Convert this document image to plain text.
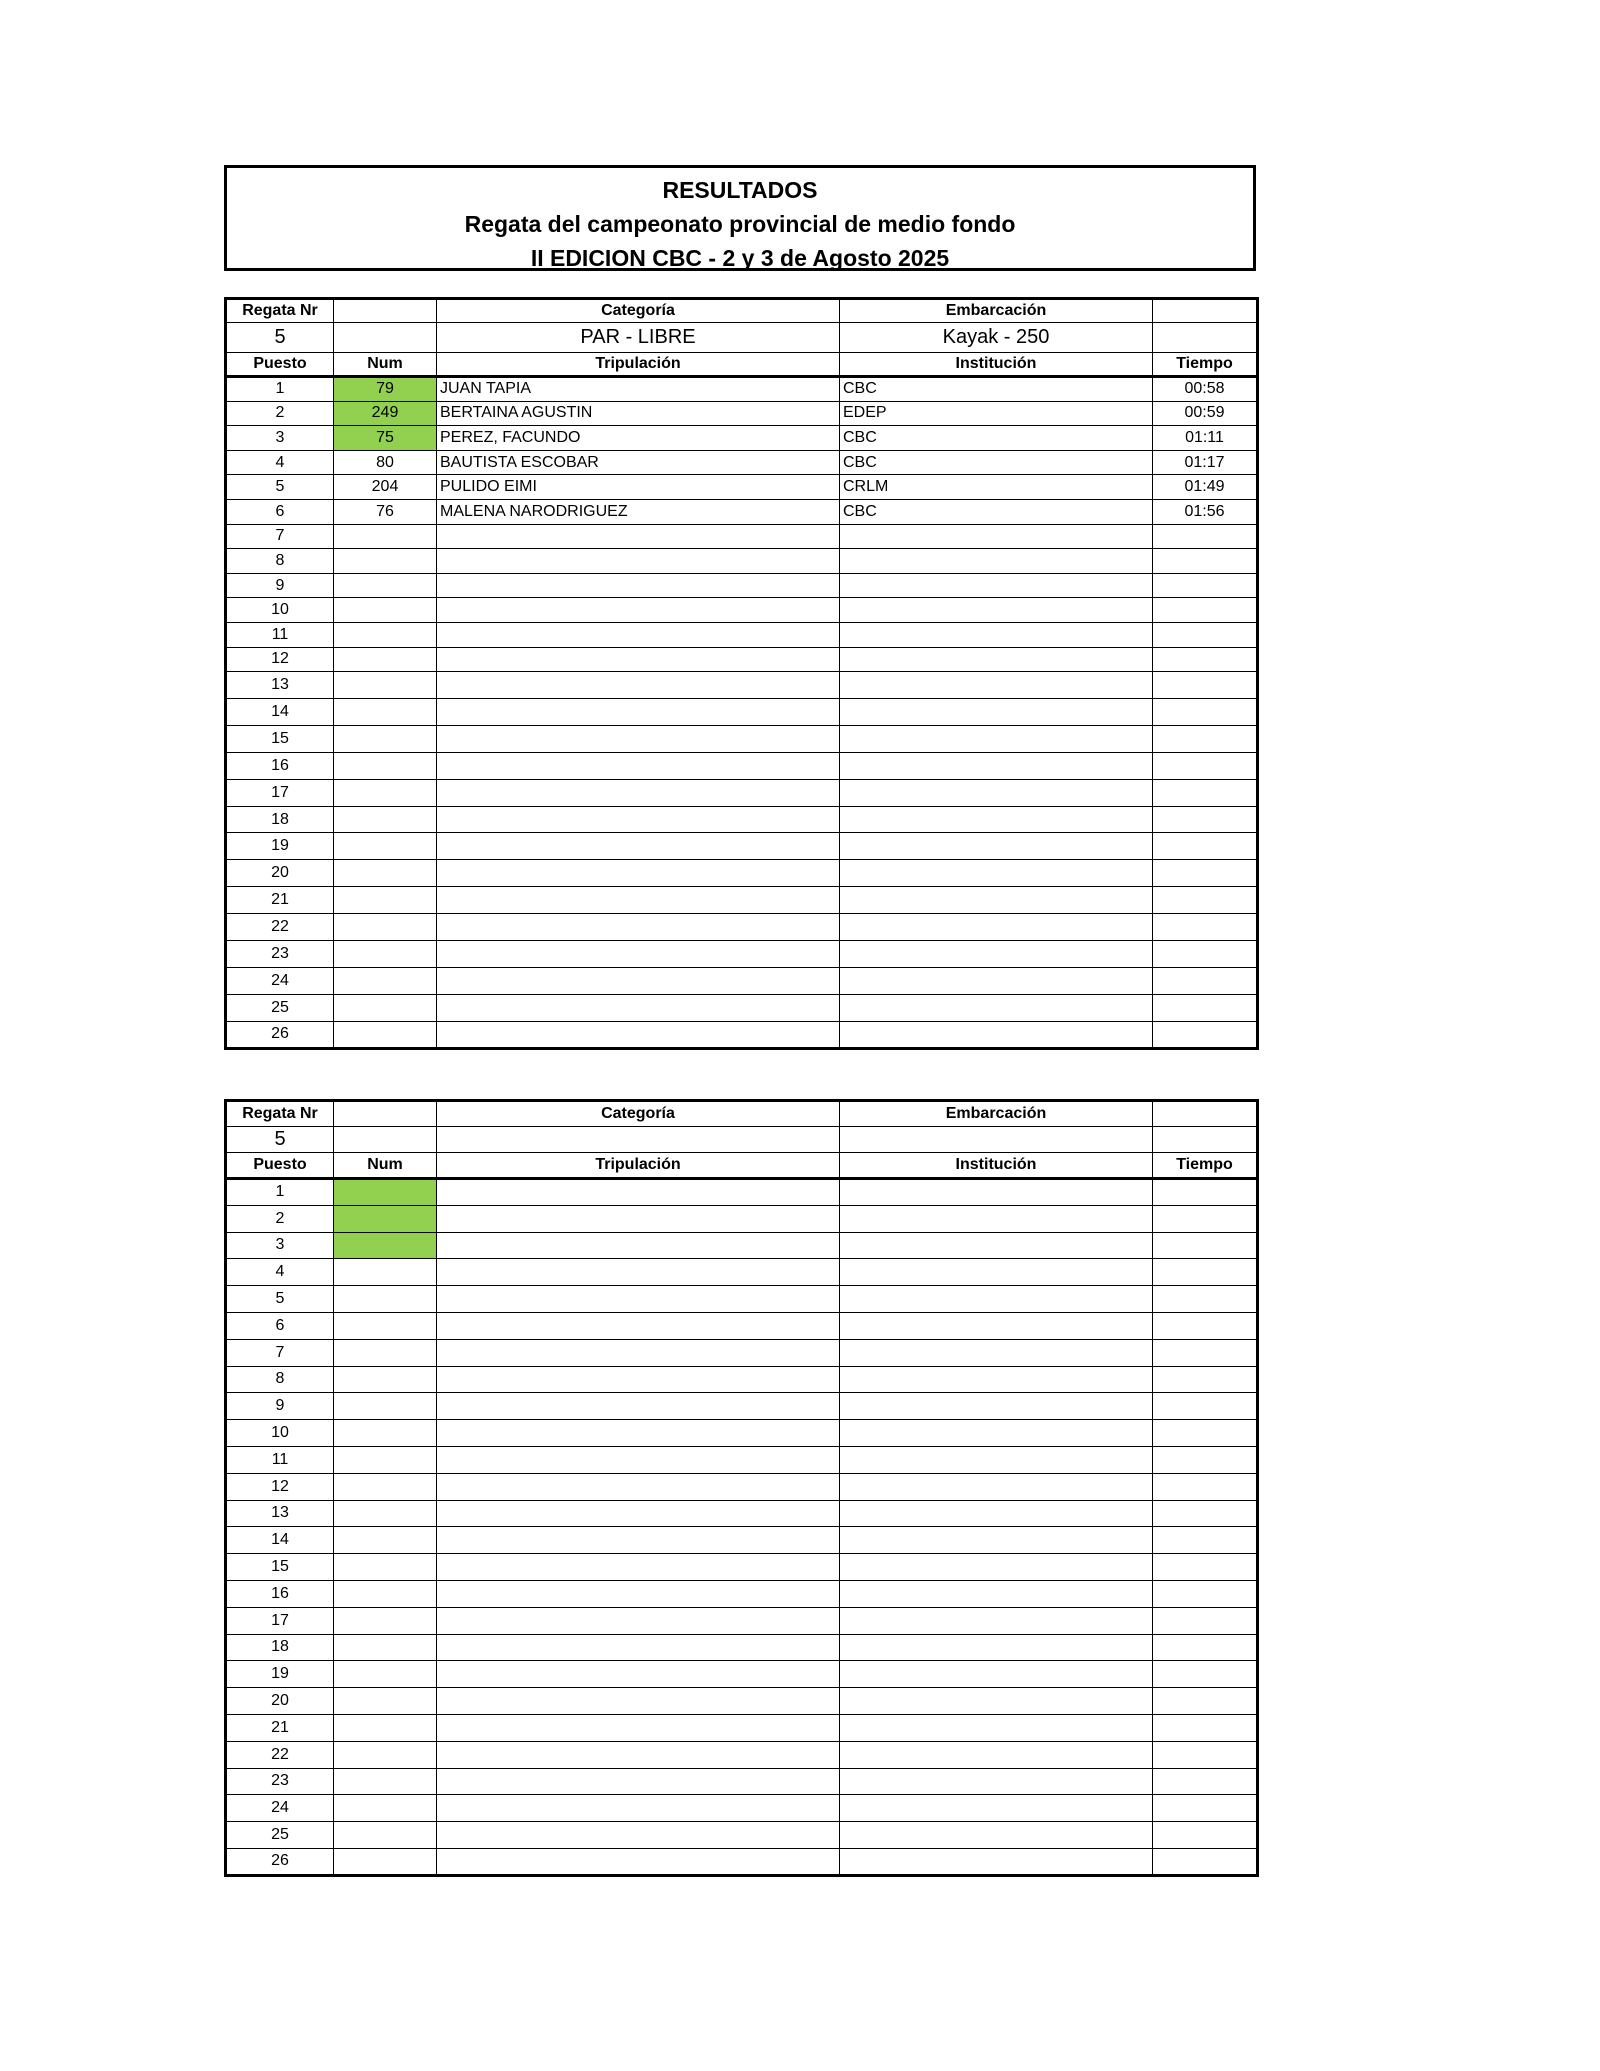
RESULTADOS
Regata del campeonato provincial de medio fondo
II EDICION CBC - 2 y 3 de Agosto 2025
Regata Nr		Categoría	Embarcación	
5		PAR - LIBRE	Kayak - 250	
Puesto	Num	Tripulación	Institución	Tiempo
1	79	JUAN TAPIA	CBC	00:58
2	249	BERTAINA AGUSTIN	EDEP	00:59
3	75	PEREZ, FACUNDO	CBC	01:11
4	80	BAUTISTA ESCOBAR	CBC	01:17
5	204	PULIDO EIMI	CRLM	01:49
6	76	MALENA NARODRIGUEZ	CBC	01:56
7				
8				
9				
10				
11				
12				
13				
14				
15				
16				
17				
18				
19				
20				
21				
22				
23				
24				
25				
26				
Regata Nr		Categoría	Embarcación	
5				
Puesto	Num	Tripulación	Institución	Tiempo
1				
2				
3				
4				
5				
6				
7				
8				
9				
10				
11				
12				
13				
14				
15				
16				
17				
18				
19				
20				
21				
22				
23				
24				
25				
26				
